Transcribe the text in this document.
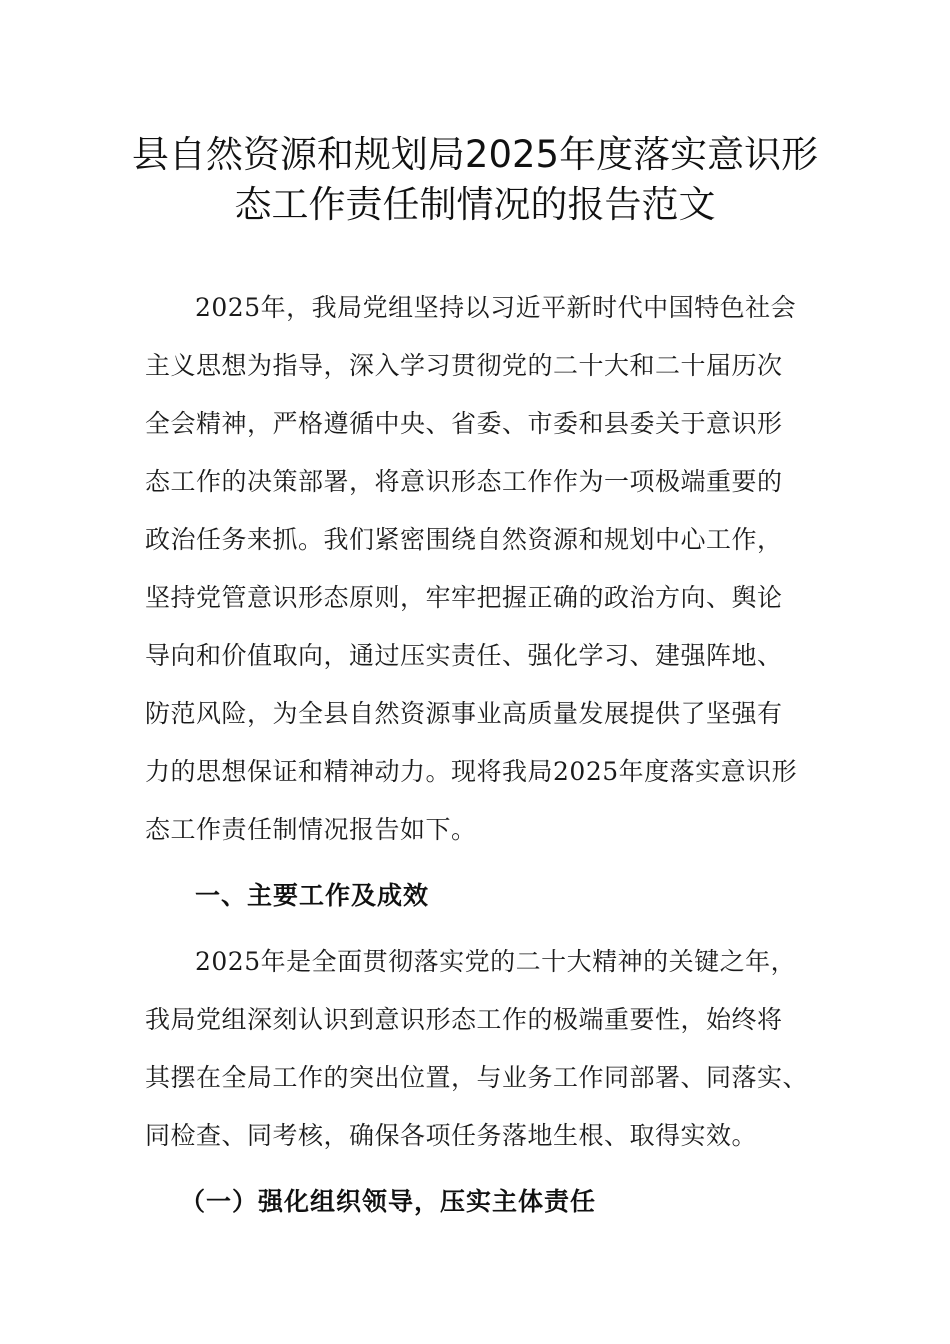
县自然资源和规划局2025年度落实意识形
态工作责任制情况的报告范文
2025年，我局党组坚持以习近平新时代中国特色社会
主义思想为指导，深入学习贯彻党的二十大和二十届历次
全会精神，严格遵循中央、省委、市委和县委关于意识形
态工作的决策部署，将意识形态工作作为一项极端重要的
政治任务来抓。我们紧密围绕自然资源和规划中心工作，
坚持党管意识形态原则，牢牢把握正确的政治方向、舆论
导向和价值取向，通过压实责任、强化学习、建强阵地、
防范风险，为全县自然资源事业高质量发展提供了坚强有
力的思想保证和精神动力。现将我局2025年度落实意识形
态工作责任制情况报告如下。
一、主要工作及成效
2025年是全面贯彻落实党的二十大精神的关键之年，
我局党组深刻认识到意识形态工作的极端重要性，始终将
其摆在全局工作的突出位置，与业务工作同部署、同落实、
同检查、同考核，确保各项任务落地生根、取得实效。
（一）强化组织领导，压实主体责任
